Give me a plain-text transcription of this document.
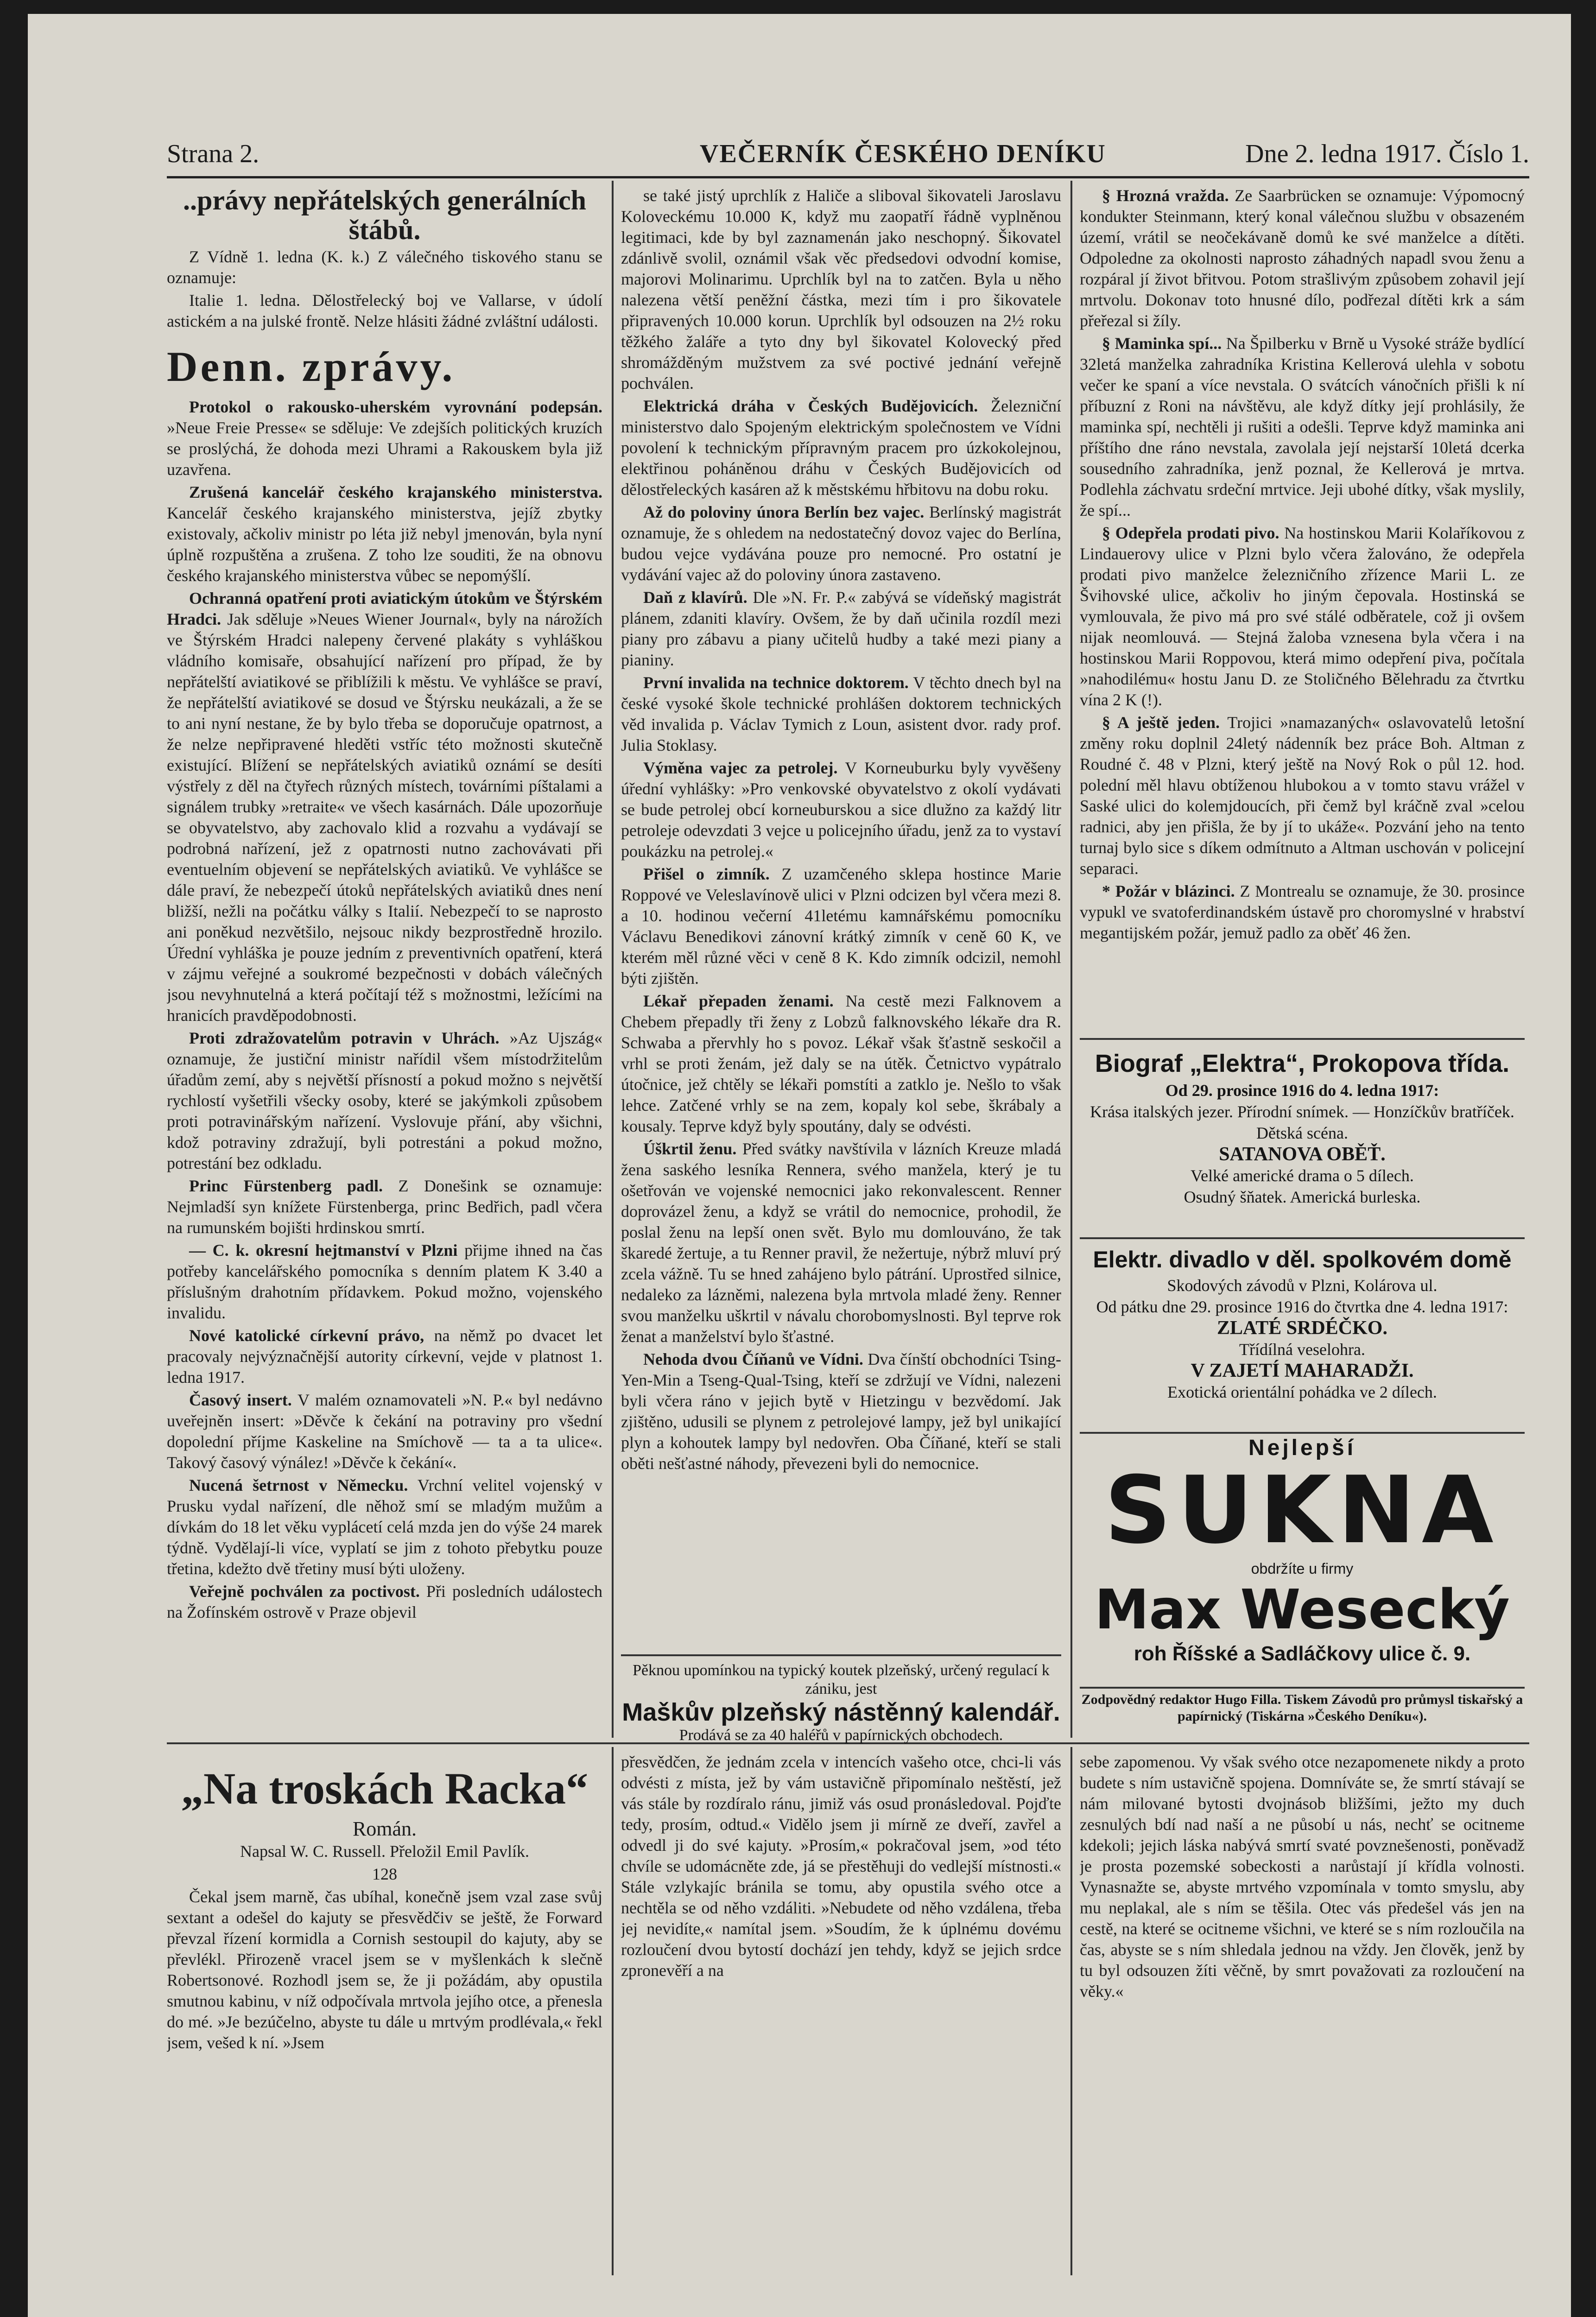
Strana 2.	VEČERNÍK ČESKÉHO DENÍKU	Dne 2. ledna 1917. Číslo 1.

..právy nepřátelských generálních štábů.

Z Vídně 1. ledna (K. k.) Z válečného tiskového stanu se oznamuje:

Italie 1. ledna. Dělostřelecký boj ve Vallarse, v údolí astickém a na julské frontě. Nelze hlásiti žádné zvláštní události.

Denn. zprávy.

Protokol o rakousko-uherském vyrovnání podepsán. »Neue Freie Presse« se sděluje: Ve zdejších politických kruzích se proslýchá, že dohoda mezi Uhrami a Rakouskem byla již uzavřena.

Zrušená kancelář českého krajanského ministerstva. Kancelář českého krajanského ministerstva, jejíž zbytky existovaly, ačkoliv ministr po léta již nebyl jmenován, byla nyní úplně rozpuštěna a zrušena. Z toho lze souditi, že na obnovu českého krajanského ministerstva vůbec se nepomýšlí.

Ochranná opatření proti aviatickým útokům ve Štýrském Hradci. Jak sděluje »Neues Wiener Journal«, byly na nárožích ve Štýrském Hradci nalepeny červené plakáty s vyhláškou vládního komisaře, obsahující nařízení pro případ, že by nepřátelští aviatikové se přiblížili k městu. Ve vyhlášce se praví, že nepřátelští aviatikové se dosud ve Štýrsku neukázali, a že se to ani nyní nestane, že by bylo třeba se doporučuje opatrnost, a že nelze nepřipravené hleděti vstříc této možnosti skutečně existující. Blížení se nepřátelských aviatiků oznámí se desíti výstřely z děl na čtyřech různých místech, továrními píštalami a signálem trubky »retraite« ve všech kasárnách. Dále upozorňuje se obyvatelstvo, aby zachovalo klid a rozvahu a vydávají se podrobná nařízení, jež z opatrnosti nutno zachovávati při eventuelním objevení se nepřátelských aviatiků. Ve vyhlášce se dále praví, že nebezpečí útoků nepřátelských aviatiků dnes není bližší, nežli na počátku války s Italií. Nebezpečí to se naprosto ani poněkud nezvětšilo, nejsouc nikdy bezprostředně hrozilo. Úřední vyhláška je pouze jedním z preventivních opatření, která v zájmu veřejné a soukromé bezpečnosti v dobách válečných jsou nevyhnutelná a která počítají též s možnostmi, ležícími na hranicích pravděpodobnosti.

Proti zdražovatelům potravin v Uhrách. »Az Ujszág« oznamuje, že justiční ministr nařídil všem místodržitelům úřadům zemí, aby s největší přísností a pokud možno s největší rychlostí vyšetřili všecky osoby, které se jakýmkoli způsobem proti potravinářským nařízení. Vyslovuje přání, aby všichni, kdož potraviny zdražují, byli potrestáni a pokud možno, potrestání bez odkladu.

Princ Fürstenberg padl. Z Donešink se oznamuje: Nejmladší syn knížete Fürstenberga, princ Bedřich, padl včera na rumunském bojišti hrdinskou smrtí.

— C. k. okresní hejtmanství v Plzni přijme ihned na čas potřeby kancelářského pomocníka s denním platem K 3.40 a příslušným drahotním přídavkem. Pokud možno, vojenského invalidu.

Nové katolické církevní právo, na němž po dvacet let pracovaly nejvýznačnější autority církevní, vejde v platnost 1. ledna 1917.

Časový insert. V malém oznamovateli »N. P.« byl nedávno uveřejněn insert: »Děvče k čekání na potraviny pro všední dopolední příjme Kaskeline na Smíchově — ta a ta ulice«. Takový časový výnález! »Děvče k čekání«.

Nucená šetrnost v Německu. Vrchní velitel vojenský v Prusku vydal nařízení, dle něhož smí se mladým mužům a dívkám do 18 let věku vyplácetí celá mzda jen do výše 24 marek týdně. Vydělají-li více, vyplatí se jim z tohoto přebytku pouze třetina, kdežto dvě třetiny musí býti uloženy.

Veřejně pochválen za poctivost. Při posledních událostech na Žofínském ostrově v Praze objevil

se také jistý uprchlík z Haliče a sliboval šikovateli Jaroslavu Koloveckému 10.000 K, když mu zaopatří řádně vyplněnou legitimaci, kde by byl zaznamenán jako neschopný. Šikovatel zdánlivě svolil, oznámil však věc předsedovi odvodní komise, majorovi Molinarimu. Uprchlík byl na to zatčen. Byla u něho nalezena větší peněžní částka, mezi tím i pro šikovatele připravených 10.000 korun. Uprchlík byl odsouzen na 2½ roku těžkého žaláře a tyto dny byl šikovatel Kolovecký před shromážděným mužstvem za své poctivé jednání veřejně pochválen.

Elektrická dráha v Českých Budějovicích. Železniční ministerstvo dalo Spojeným elektrickým společnostem ve Vídni povolení k technickým přípravným pracem pro úzkokolejnou, elektřinou poháněnou dráhu v Českých Budějovicích od dělostřeleckých kasáren až k městskému hřbitovu na dobu roku.

Až do poloviny února Berlín bez vajec. Berlínský magistrát oznamuje, že s ohledem na nedostatečný dovoz vajec do Berlína, budou vejce vydávána pouze pro nemocné. Pro ostatní je vydávání vajec až do poloviny února zastaveno.

Daň z klavírů. Dle »N. Fr. P.« zabývá se vídeňský magistrát plánem, zdaniti klavíry. Ovšem, že by daň učinila rozdíl mezi piany pro zábavu a piany učitelů hudby a také mezi piany a pianiny.

První invalida na technice doktorem. V těchto dnech byl na české vysoké škole technické prohlášen doktorem technických věd invalida p. Václav Tymich z Loun, asistent dvor. rady prof. Julia Stoklasy.

Výměna vajec za petrolej. V Korneuburku byly vyvěšeny úřední vyhlášky: »Pro venkovské obyvatelstvo z okolí vydávati se bude petrolej obcí korneuburskou a sice dlužno za každý litr petroleje odevzdati 3 vejce u policejního úřadu, jenž za to vystaví poukázku na petrolej.«

Přišel o zimník. Z uzamčeného sklepa hostince Marie Roppové ve Veleslavínově ulici v Plzni odcizen byl včera mezi 8. a 10. hodinou večerní 41letému kamnářskému pomocníku Václavu Benedikovi zánovní krátký zimník v ceně 60 K, ve kterém měl různé věci v ceně 8 K. Kdo zimník odcizil, nemohl býti zjištěn.

Lékař přepaden ženami. Na cestě mezi Falknovem a Chebem přepadly tři ženy z Lobzů falknovského lékaře dra R. Schwaba a přervhly ho s povoz. Lékař však šťastně seskočil a vrhl se proti ženám, jež daly se na útěk. Četnictvo vypátralo útočnice, jež chtěly se lékaři pomstíti a zatklo je. Nešlo to však lehce. Zatčené vrhly se na zem, kopaly kol sebe, škrábaly a kousaly. Teprve když byly spoutány, daly se odvésti.

Úškrtil ženu. Před svátky navštívila v lázních Kreuze mladá žena saského lesníka Rennera, svého manžela, který je tu ošetřován ve vojenské nemocnici jako rekonvalescent. Renner doprovázel ženu, a když se vrátil do nemocnice, prohodil, že poslal ženu na lepší onen svět. Bylo mu domlouváno, že tak škaredé žertuje, a tu Renner pravil, že nežertuje, nýbrž mluví prý zcela vážně. Tu se hned zahájeno bylo pátrání. Uprostřed silnice, nedaleko za lázněmi, nalezena byla mrtvola mladé ženy. Renner svou manželku uškrtil v návalu chorobomyslnosti. Byl teprve rok ženat a manželství bylo šťastné.

Nehoda dvou Číňanů ve Vídni. Dva čínští obchodníci Tsing-Yen-Min a Tseng-Qual-Tsing, kteří se zdržují ve Vídni, nalezeni byli včera ráno v jejich bytě v Hietzingu v bezvědomí. Jak zjištěno, udusili se plynem z petrolejové lampy, jež byl unikající plyn a kohoutek lampy byl nedovřen. Oba Číňané, kteří se stali oběti nešťastné náhody, převezeni byli do nemocnice.

Pěknou upomínkou na typický koutek plzeňský, určený regulací k zániku, jest
Maškův plzeňský nástěnný kalendář.
Prodává se za 40 haléřů v papírnických obchodech.

§ Hrozná vražda. Ze Saarbrücken se oznamuje: Výpomocný kondukter Steinmann, který konal válečnou službu v obsazeném území, vrátil se neočekávaně domů ke své manželce a dítěti. Odpoledne za okolnosti naprosto záhadných napadl svou ženu a rozpáral jí život břitvou. Potom strašlivým způsobem zohavil její mrtvolu. Dokonav toto hnusné dílo, podřezal dítěti krk a sám přeřezal si žíly.

§ Maminka spí... Na Špilberku v Brně u Vysoké stráže bydlící 32letá manželka zahradníka Kristina Kellerová ulehla v sobotu večer ke spaní a více nevstala. O svátcích vánočních přišli k ní příbuzní z Roni na návštěvu, ale když dítky její prohlásily, že maminka spí, nechtěli ji rušiti a odešli. Teprve když maminka ani příštího dne ráno nevstala, zavolala její nejstarší 10letá dcerka sousedního zahradníka, jenž poznal, že Kellerová je mrtva. Podlehla záchvatu srdeční mrtvice. Jeji ubohé dítky, však myslily, že spí...

§ Odepřela prodati pivo. Na hostinskou Marii Kolaříkovou z Lindauerovy ulice v Plzni bylo včera žalováno, že odepřela prodati pivo manželce železničního zřízence Marii L. ze Švihovské ulice, ačkoliv ho jiným čepovala. Hostinská se vymlouvala, že pivo má pro své stálé odběratele, což ji ovšem nijak neomlouvá. — Stejná žaloba vznesena byla včera i na hostinskou Marii Roppovou, která mimo odepření piva, počítala »nahodilému« hostu Janu D. ze Stoličného Bělehradu za čtvrtku vína 2 K (!).

§ A ještě jeden. Trojici »namazaných« oslavovatelů letošní změny roku doplnil 24letý nádenník bez práce Boh. Altman z Roudné č. 48 v Plzni, který ještě na Nový Rok o půl 12. hod. polední měl hlavu obtíženou hlubokou a v tomto stavu vrážel v Saské ulici do kolemjdoucích, při čemž byl kráčně zval »celou radnici, aby jen přišla, že by jí to ukáže«. Pozvání jeho na tento turnaj bylo sice s díkem odmítnuto a Altman uschován v policejní separaci.

* Požár v blázinci. Z Montrealu se oznamuje, že 30. prosince vypukl ve svatoferdinandském ústavě pro choromyslné v hrabství megantijském požár, jemuž padlo za oběť 46 žen.

Biograf „Elektra“, Prokopova třída.
Od 29. prosince 1916 do 4. ledna 1917:
Krása italských jezer. Přírodní snímek. — Honzíčkův bratříček. Dětská scéna.
SATANOVA OBĚŤ.
Velké americké drama o 5 dílech.
Osudný šňatek. Americká burleska.
Elektr. divadlo v děl. spolkovém domě
Skodových závodů v Plzni, Kolárova ul.
Od pátku dne 29. prosince 1916 do čtvrtka dne 4. ledna 1917:
ZLATÉ SRDÉČKO.
Třídílná veselohra.
V ZAJETÍ MAHARADŽI.
Exotická orientální pohádka ve 2 dílech.
Nejlepší
SUKNA
obdržíte u firmy
Max Wesecký
roh Říšské a Sadláčkovy ulice č. 9.
Zodpovědný redaktor Hugo Filla. Tiskem Závodů pro průmysl tiskařský a papírnický (Tiskárna »Českého Deníku«).

„Na troskách Racka“

Román.

Napsal W. C. Russell. Přeložil Emil Pavlík.

128

Čekal jsem marně, čas ubíhal, konečně jsem vzal zase svůj sextant a odešel do kajuty se přesvědčiv se ještě, že Forward převzal řízení kormidla a Cornish sestoupil do kajuty, aby se převlékl. Přirozeně vracel jsem se v myšlenkách k slečně Robertsonové. Rozhodl jsem se, že ji požádám, aby opustila smutnou kabinu, v níž odpočívala mrtvola jejího otce, a přenesla do mé. »Je bezúčelno, abyste tu dále u mrtvým prodlévala,« řekl jsem, vešed k ní. »Jsem

přesvědčen, že jednám zcela v intencích vašeho otce, chci-li vás odvésti z místa, jež by vám ustavičně připomínalo neštěstí, jež vás stále by rozdíralo ránu, jimiž vás osud pronásledoval. Pojďte tedy, prosím, odtud.« Vidělo jsem ji mírně ze dveří, zavřel a odvedl ji do své kajuty. »Prosím,« pokračoval jsem, »od této chvíle se udomácněte zde, já se přestěhuji do vedlejší místnosti.« Stále vzlykajíc bránila se tomu, aby opustila svého otce a nechtěla se od něho vzdáliti. »Nebudete od něho vzdálena, třeba jej nevidíte,« namítal jsem. »Soudím, že k úplnému dovému rozloučení dvou bytostí dochází jen tehdy, když se jejich srdce zpronevěří a na

sebe zapomenou. Vy však svého otce nezapomenete nikdy a proto budete s ním ustavičně spojena. Domníváte se, že smrtí stávají se nám milované bytosti dvojnásob bližšími, ježto my duch zesnulých bdí nad naší a ne působí u nás, nechť se ocitneme kdekoli; jejich láska nabývá smrtí svaté povznešenosti, poněvadž je prosta pozemské sobeckosti a narůstají jí křídla volnosti. Vynasnažte se, abyste mrtvého vzpomínala v tomto smyslu, aby mu neplakal, ale s ním se těšila. Otec vás předešel vás jen na cestě, na které se ocitneme všichni, ve které se s ním rozloučila na čas, abyste se s ním shledala jednou na vždy. Jen člověk, jenž by tu byl odsouzen žíti věčně, by smrt považovati za rozloučení na věky.«
